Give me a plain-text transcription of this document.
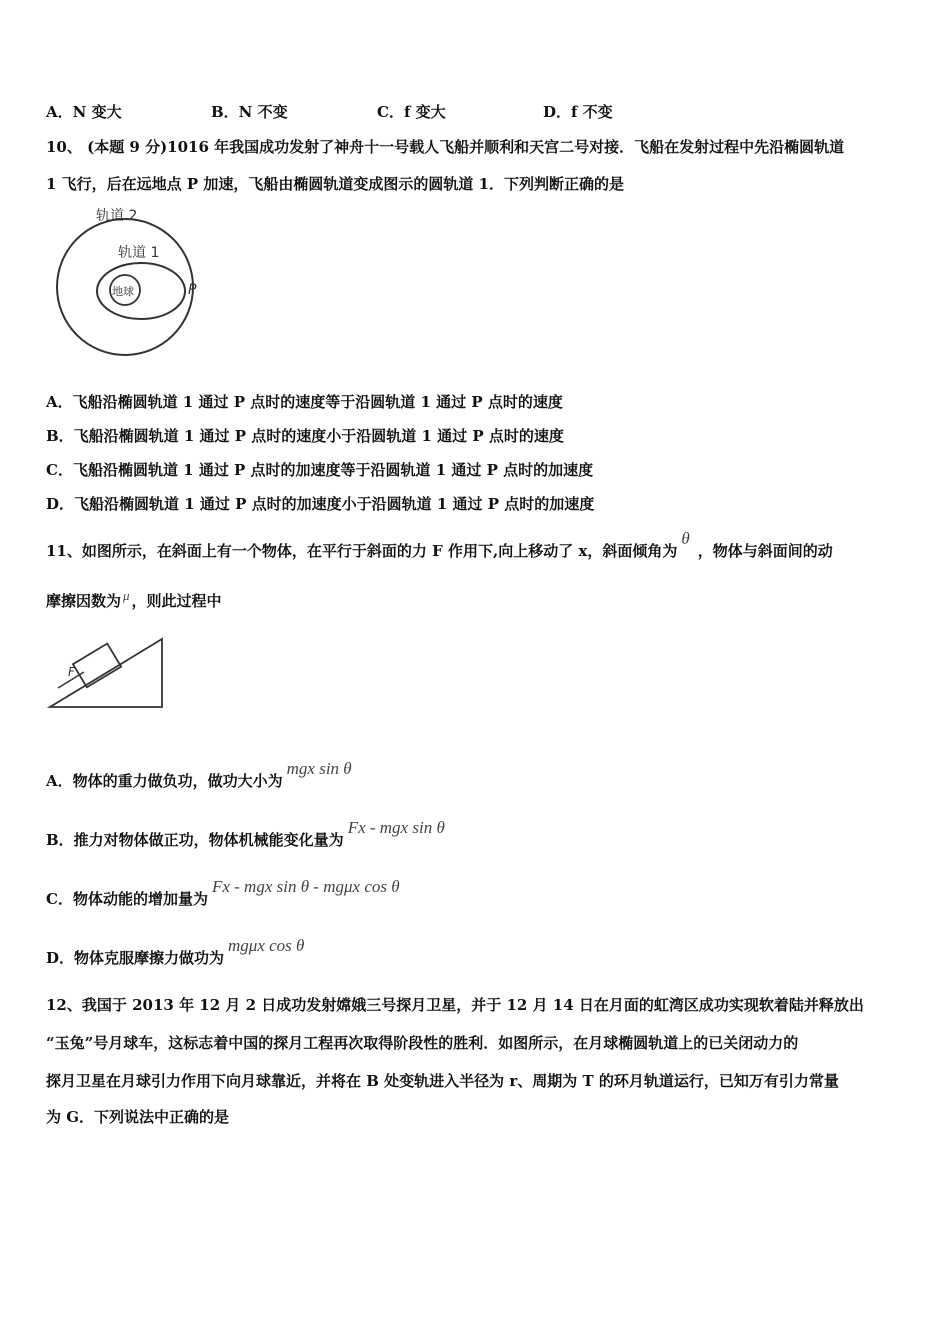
A．N 变大	B．N 不变	C．f 变大	D．f 不变
10、 (本题 9 分)1016 年我国成功发射了神舟十一号载人飞船并顺利和天宫二号对接．飞船在发射过程中先沿椭圆轨道
1 飞行，后在远地点 P 加速，飞船由椭圆轨道变成图示的圆轨道 1．下列判断正确的是
轨道 2
轨道 1
地球	P
A．飞船沿椭圆轨道 1 通过 P 点时的速度等于沿圆轨道 1 通过 P 点时的速度
B．飞船沿椭圆轨道 1 通过 P 点时的速度小于沿圆轨道 1 通过 P 点时的速度
C．飞船沿椭圆轨道 1 通过 P 点时的加速度等于沿圆轨道 1 通过 P 点时的加速度
D．飞船沿椭圆轨道 1 通过 P 点时的加速度小于沿圆轨道 1 通过 P 点时的加速度
11、如图所示，在斜面上有一个物体，在平行于斜面的力 F 作用下,向上移动了 x，斜面倾角为θ，物体与斜面间的动
摩擦因数为 μ ，则此过程中
F
A．物体的重力做负功，做功大小为mgx sin θ
B．推力对物体做正功，物体机械能变化量为Fx - mgx sin θ
C．物体动能的增加量为Fx - mgx sin θ - mgμx cos θ
D．物体克服摩擦力做功为mgμx cos θ
12、我国于 2013 年 12 月 2 日成功发射嫦娥三号探月卫星，并于 12 月 14 日在月面的虹湾区成功实现软着陆并释放出
“玉兔”号月球车，这标志着中国的探月工程再次取得阶段性的胜利．如图所示，在月球椭圆轨道上的已关闭动力的
探月卫星在月球引力作用下向月球靠近，并将在 B 处变轨进入半径为 r、周期为 T 的环月轨道运行，已知万有引力常量
为 G．下列说法中正确的是
